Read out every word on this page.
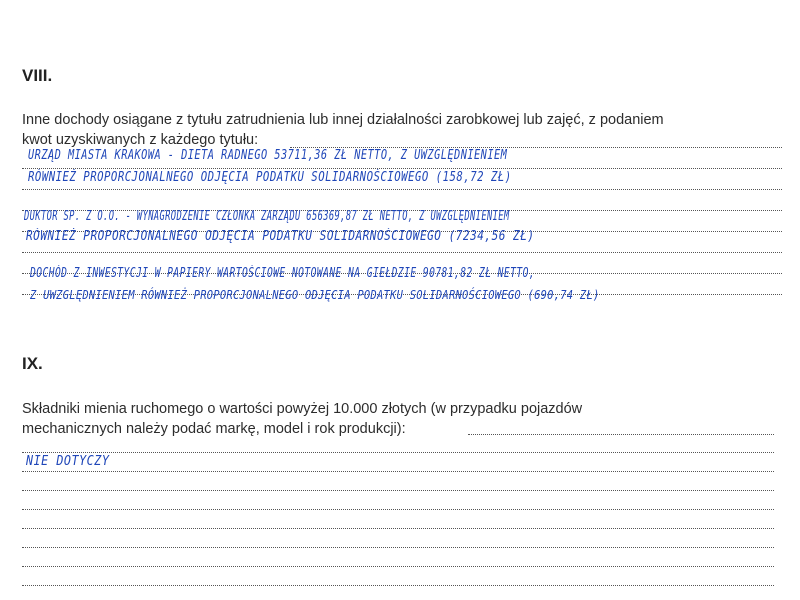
VIII.
Inne dochody osiągane z tytułu zatrudnienia lub innej działalności zarobkowej lub zajęć, z podaniem
kwot uzyskiwanych z każdego tytułu:
URZĄD MIASTA KRAKOWA - DIETA RADNEGO 53711,36 ZŁ NETTO, Z UWZGLĘDNIENIEM
RÓWNIEŻ PROPORCJONALNEGO ODJĘCIA PODATKU SOLIDARNOŚCIOWEGO (158,72 ZŁ)
DUKTOR SP. Z O.O. - WYNAGRODZENIE CZŁONKA ZARZĄDU 656369,87 ZŁ NETTO, Z UWZGLĘDNIENIEM
RÓWNIEŻ PROPORCJONALNEGO ODJĘCIA PODATKU SOLIDARNOŚCIOWEGO (7234,56 ZŁ)
DOCHÓD Z INWESTYCJI W PAPIERY WARTOŚCIOWE NOTOWANE NA GIEŁDZIE 90781,82 ZŁ NETTO,
Z UWZGLĘDNIENIEM RÓWNIEŻ PROPORCJONALNEGO ODJĘCIA PODATKU SOLIDARNOŚCIOWEGO (690,74 ZŁ)
IX.
Składniki mienia ruchomego o wartości powyżej 10.000 złotych (w przypadku pojazdów
mechanicznych należy podać markę, model i rok produkcji):
NIE DOTYCZY
